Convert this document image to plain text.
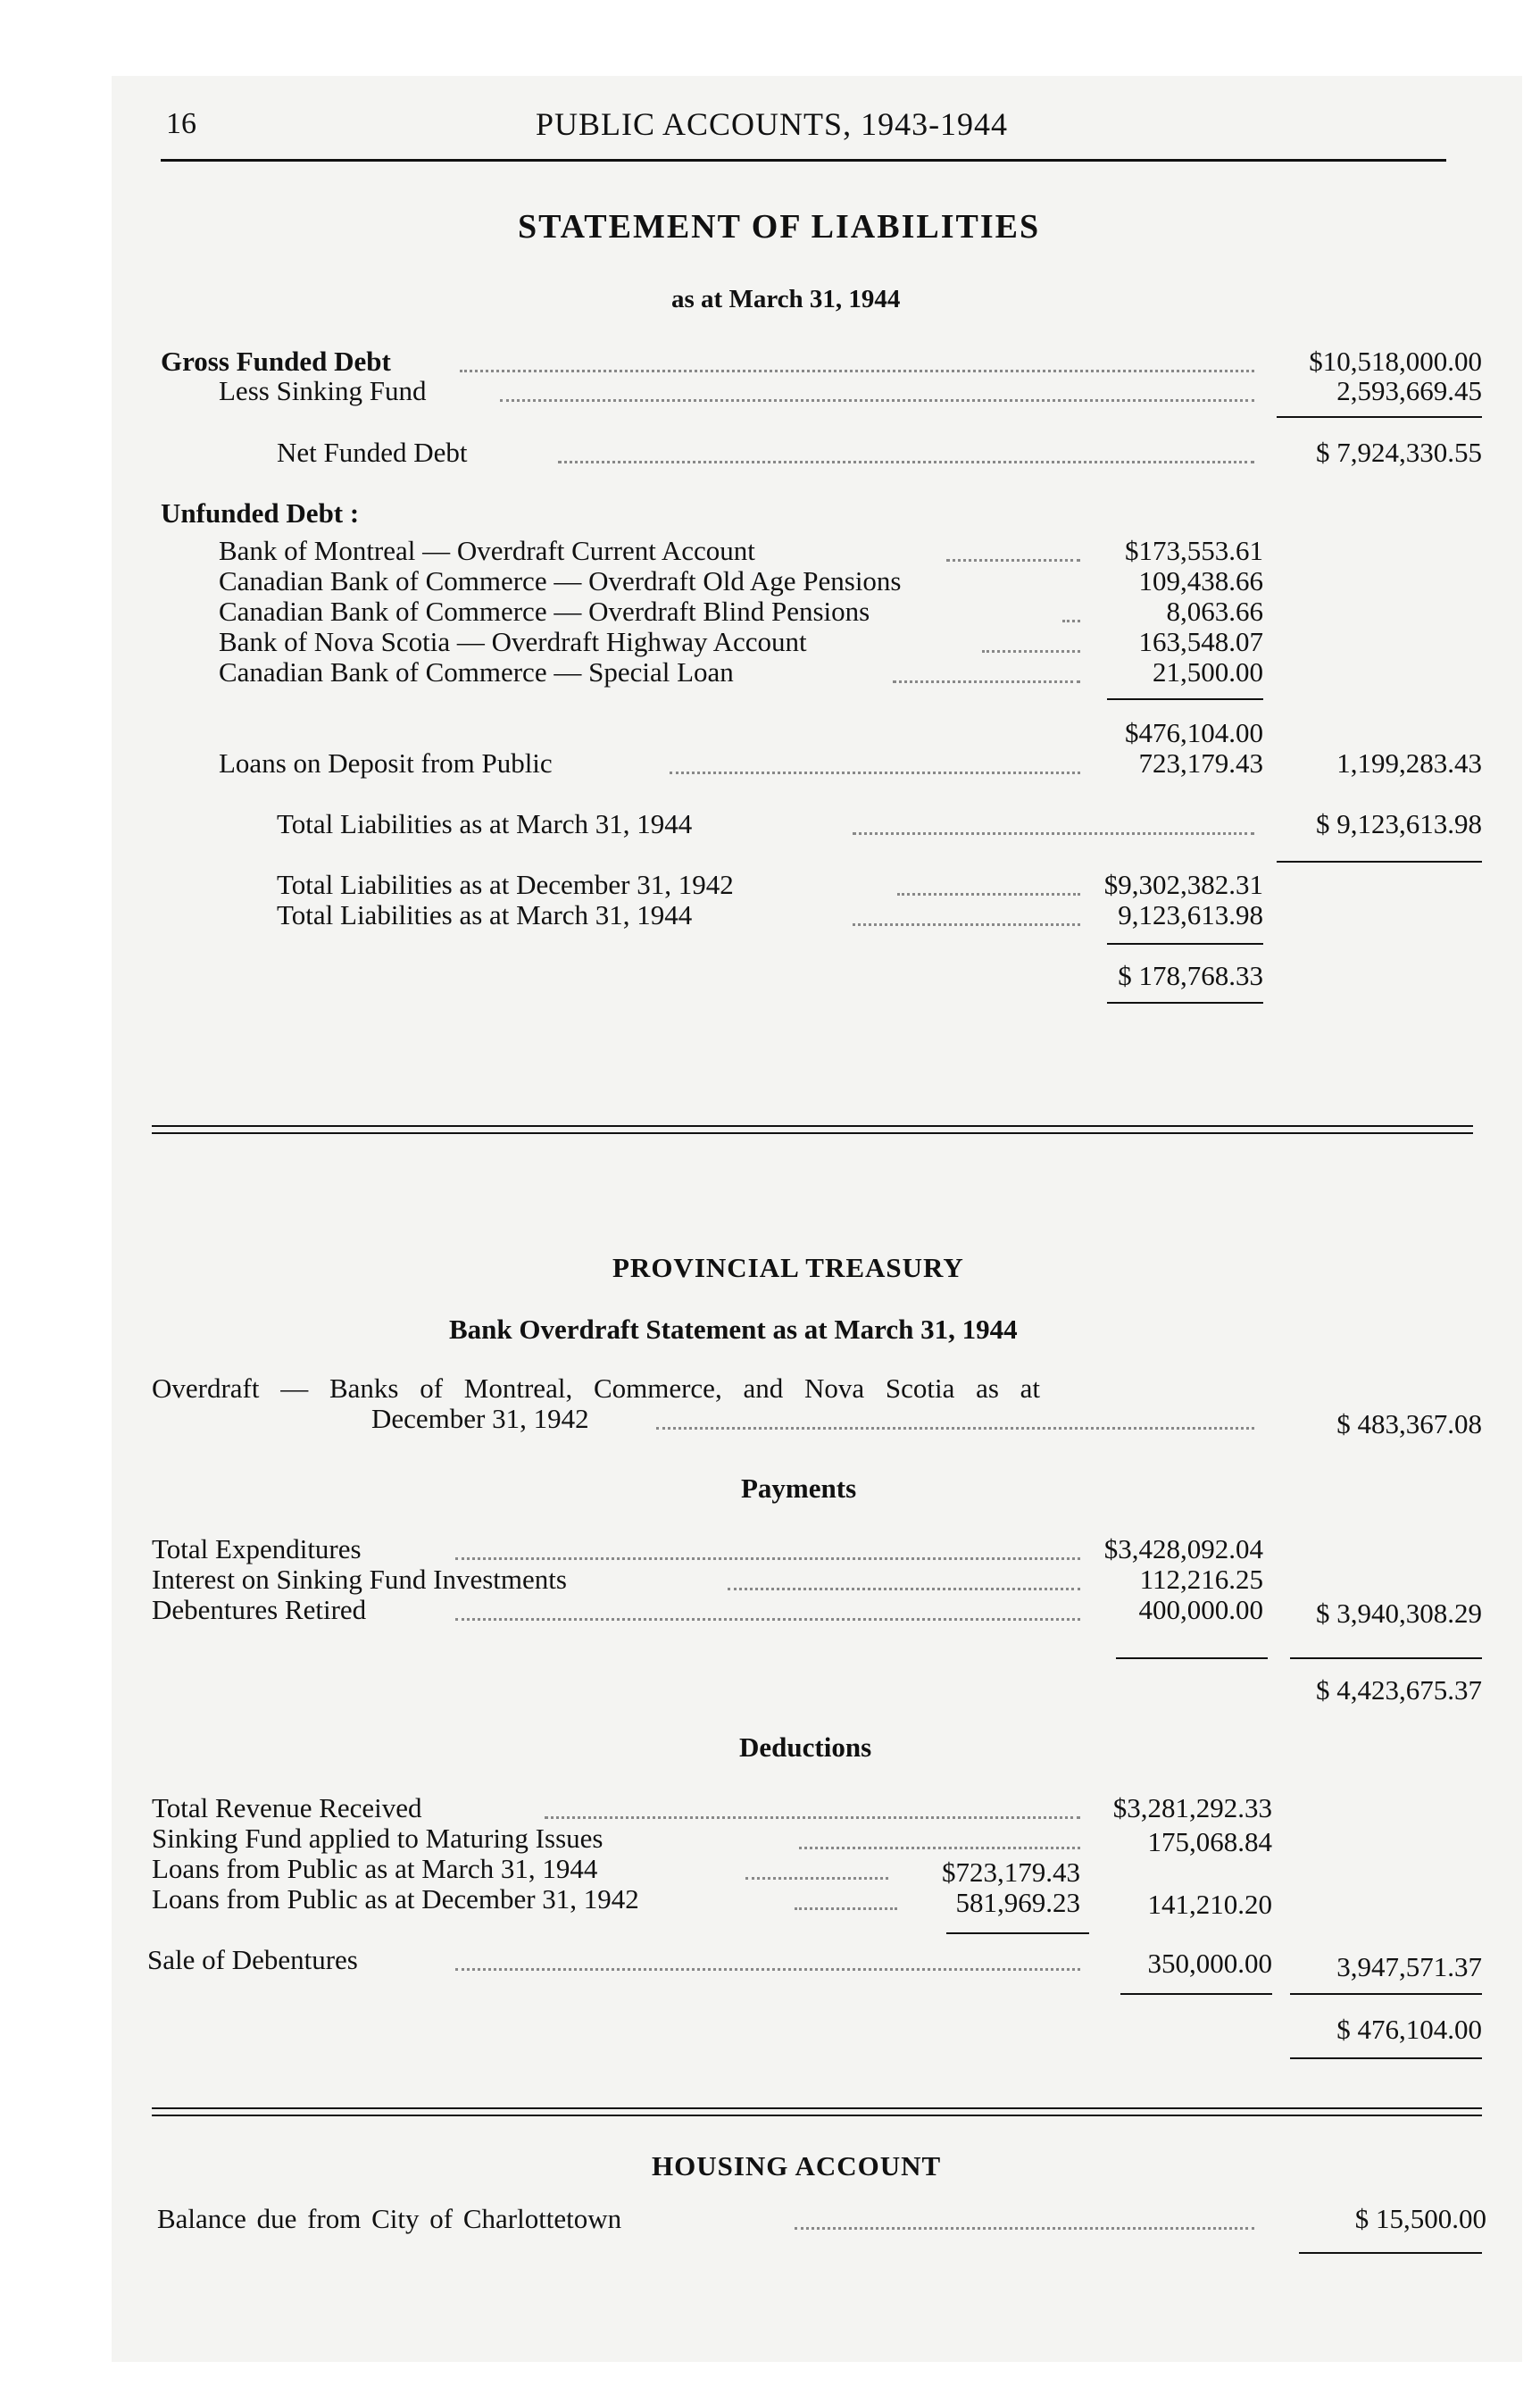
16	PUBLIC ACCOUNTS, 1943-1944
STATEMENT OF LIABILITIES
as at March 31, 1944
Gross Funded Debt	$10,518,000.00
Less Sinking Fund	2,593,669.45
Net Funded Debt	$ 7,924,330.55
Unfunded Debt :
Bank of Montreal — Overdraft Current Account	$173,553.61
Canadian Bank of Commerce — Overdraft Old Age Pensions	109,438.66
Canadian Bank of Commerce — Overdraft Blind Pensions	8,063.66
Bank of Nova Scotia — Overdraft Highway Account	163,548.07
Canadian Bank of Commerce — Special Loan	21,500.00
$476,104.00
Loans on Deposit from Public	723,179.43	1,199,283.43
Total Liabilities as at March 31, 1944	$ 9,123,613.98
Total Liabilities as at December 31, 1942	$9,302,382.31
Total Liabilities as at March 31, 1944	9,123,613.98
$ 178,768.33
PROVINCIAL TREASURY
Bank Overdraft Statement as at March 31, 1944
Overdraft — Banks of Montreal, Commerce, and Nova Scotia as at
December 31, 1942	$ 483,367.08
Payments
Total Expenditures	$3,428,092.04
Interest on Sinking Fund Investments	112,216.25
Debentures Retired	400,000.00	$ 3,940,308.29
$ 4,423,675.37
Deductions
Total Revenue Received	$3,281,292.33
Sinking Fund applied to Maturing Issues	175,068.84
Loans from Public as at March 31, 1944	$723,179.43
Loans from Public as at December 31, 1942	581,969.23	141,210.20
Sale of Debentures	350,000.00	3,947,571.37
$ 476,104.00
HOUSING ACCOUNT
Balance due from City of Charlottetown	$ 15,500.00
